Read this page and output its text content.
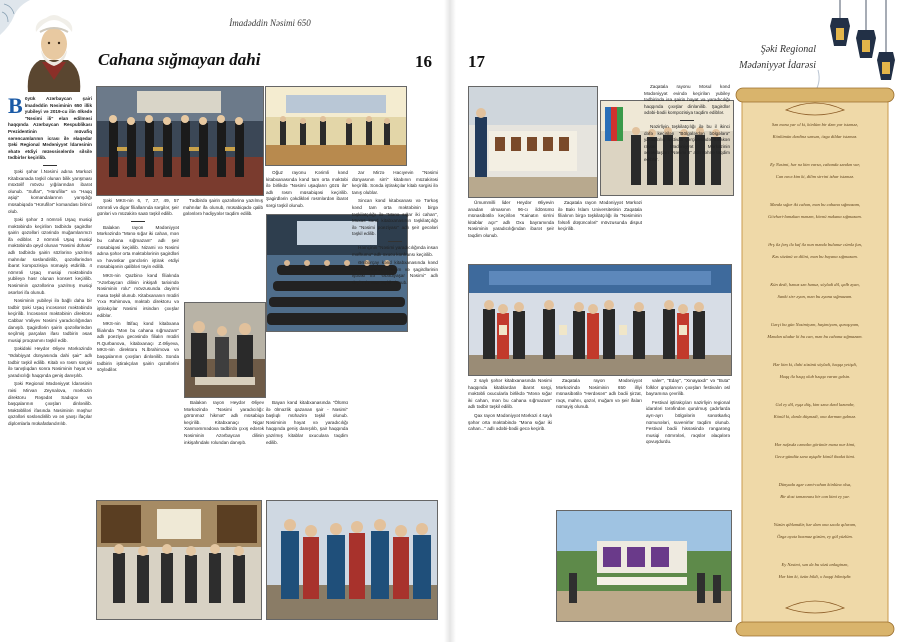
İmadəddin Nəsimi 650
Cahana sığmayan dahi	16
B öyük Azərbaycan şairi İmadəddin Nəsiminin 650 illik yubileyi və 2019-cu ilin ölkədə "Nəsimi ili" elan edilməsi haqqında Azərbaycan Respublikası Prezidentinin müvafiq sərəncamlarının icrası ilə əlaqədar Şəki Regional Mədəniyyət İdarəsinin əhatə etdiyi müəssisələrdə silsilə tədbirlər keçirilib.

Şəki şəhər İ.Nəsimi adına Mərkəzi Kitabxanada təşkil olunan bilik yarışması müxtəlif mövzu yığılarından ibarət olunub. "Suflar", "Hürufilər" və "Haqq aşiqi" komandalarının yarışdığı müsabiqədə "Hürufilər" komandası birinci olub.

Şəki şəhər 3 nömrəli Uşaq musiqi məktəbində keçirilən tədbirdə şagirdlər şairin qəzəlləri üzərində muğamlarımızı ifa ediblər. 2 nömrəli Uşaq musiqi məktəbində qeyd olunan "Nəsimi dühası" adlı tədbirdə şairin sözlərinə yazılmış mahnılar səsləndirilib, qəzəllərindən ibarət kompozisiya nümayiş etdirilib. 4 nömrəli Uşaq musiqi məktəbində yubileyə həsr olunan konsert keçirilib. Nəsiminin qəzəllərinə yazılmış musiqi əsərləri ifa olunub.

Nəsiminin yubileyi ilə bağlı daha bir tədbir Şəki Uşaq incəsənət məktəbində keçirilib. İncəsənət məktəbinin direktoru Cabbar Vəliyev Nəsimi yaradıcılığından danışıb. Şagirdlərin şairin qəzəllərindən seçilmiş parçaları ifası tədbirin əsas musiqi proqramını təşkil edib.

Şəkidəki Heydər Əliyev Mərkəzində "Ədəbiyyat dünyasında dahi şair" adlı tədbir təşkil edilib. Kitab və rəsm sərgisi ilə tanışlıqdan sonra Nəsiminin həyat və yaradıcılığı haqqında geniş danışılıb.

Şəki Regional Mədəniyyət İdarəsinin rəisi Mirvarı Zeynalova, mərkəzin direktoru Rəşədət Sadıqov və başqalarının çıxışları dinlənilib. Məktəbliləri ifasında Nəsiminin məşhur qəzəlləri səsləndirilib və ən yaxşı ifaçılar diplomlarla mükafatlandırılıb.

Şəki MKS-nin 6, 7, 27, 49, 57 nömrəli və digər filiallarında sərgilər, şeir günləri və müzakirə saatı təşkil edilib.

Balakən rayon Mədəniyyət Mərkəzində "Mənə sığar iki cahan, mən bu cahana sığmazam" adlı şeir müsabiqəsi keçirilib. Nizami və Nəsimi adına şəhər orta məktəblərinin şagirdləri və həvəskar gənclərin iştirak etdiyi müsabiqənin qalibləri təyin edilib.

MKS-nin Qazbinə kənd filialında "Azərbaycan dilinin inkişafı tarixində Nəsiminin rolu" mövzusunda dəyirmi masa təşkil olunub. Kitabxananın müdiri Yıxə Rəhimova, məktəb direktoru və iştirakçılar Nəsimi irsindən çıxışlar ediblər.

MKS-nin İttifaq kənd kitabxana filialında "Mən bu cahana sığmazam" adlı poeziya gecəsində filialın müdiri R.Qurbanova, kitabxanaçı Z.Əliyeva, MKS-nin direktoru N.İbrahimova və başqalarının çıxışları dinlənilib. Sonda tədbirin iştirakçıları şairin qəzəllərini söylədilər.

Tədbirdə şairin qəzəllərinə yazılmış mahnılar ifa olunub, müsabiqədə qalib gələnlərə hədiyyələr təqdim edilib.

Oğuz rayonu Kərimli kənd kitabxanasında kənd tam orta məktəbi ilə birlikdə "Nəsimi uşaqların gözü ilə" adlı rəsm müsabiqəsi keçirilib. Şagirdlərin çəkdikləri rəsmlərdən ibarət sərgi təşkil olunub.

Balakən rayon Heydər Əliyev Mərkəzində "Nəsimi yaradıcılığı: görünməz hikmət" adlı müsabiqə keçirilib. Kitabxanaçı Nigar Xanməmmədova tədbirdə çıxış edərək Nəsiminin Azərbaycan dilinin inkişafındakı rolundan danışıb.

Bayan kənd kitabxanasında "Ölümü ilə ölməzlik qazanan şair - Nəsimi" başlıqlı mühazirə təşkil olunub. Nəsiminin həyat və yaradıcılığı haqqında geniş danışılıb, şair haqqında yazılmış kitablar oxuculara təqdim edilib.

zar Mirzə Hacıyevin "Nəsimi dünyasının sirri" kitabının müzakirəsi keçirilib. Sonda iştirakçılar kitab sərgisi ilə tanış olublar.

Sincan kənd kitabxanası və Tərkəş kənd tam orta məktəbinin birgə təşkilatçılığı ilə "Mənə sığar iki cahan", Muxas kənd kitabxanasının təşkilatçılığı ilə "Nəsimi poeziyası" adlı şeir gecələri təşkil edilib.

Həmçinin "Nəsimi yaradıcılığında insan məfhumu" adlı oxucu konfransı keçirilib.

Əmbərçay kənd kitabxanasında kənd orta məktəbin müəllim və şagirdlərinin iştirakı ilə "Əbədiyaşar Nəsimi" adlı dəyirmi masa təşkil olunub.

17
Şəki Regional
Mədəniyyət İdarəsi

Ümummilli lider Heydər Əliyevin anadan olmasının 96-cı ildönümü münasibətilə keçirilən "Kainatın sirrini kitablar açır" adlı Oxu bayramında Nəsiminin yaradıcılığından ibarət şeir təqdim olunub.

Zaqatala rayonu Mosul kənd Mədəniyyət evində keçirilən yubiley tədbirində isə şairin həyat və yaradıcılığı haqqında çıxışlar dinlənilib. Şagirdlər ədəbi-bədii kompozisiya təqdim ediblər.

Nəzirliyin təşkilatçılığı ilə bu il ikinci dəfə keçirilən "Bölgələrdən bölgələrə" yaradıcılıq festivalı çərçivəsində Balakən rayon Mədəniyyət Mərkəzinin əməkdaşları "Nəsimi II" adlı səhnə təqdim ediblər.

Zaqatala rayon Mədəniyyət Mərkəzi ilə Bakı İslam Universitetinin Zaqatala filialının birgə təşkilatçılığı ilə "Nəsiminin fəlsəfi düşüncələri" mövzusunda disput keçirilib.

2 saylı şəhər kitabxanasında Nəsimi haqqında kitablardan ibarət sərgi, məktəbli oxucularla birlikdə "Mənə sığar iki cahan, mən bu cahana sığmazam" adlı tədbir təşkil edilib.

Qax rayon Mədəniyyət Mərkəzi 4 saylı şəhər orta məktəbində "Mənə sığar iki cahan..." adlı ədəbi-bədii gecə keçirib.

Zaqatala rayon Mədəniyyət Mərkəzində Nəsiminin 650 illiyi münasibətilə "Herdəsən" adlı bədii şirzat, rəqs, mahnı, qəzəl, muğam və şeir ifaları nümayiş olunub.

valer", "Eday", "Xınayaxdı" və "Buta" folklor qruplarının çıxışları festivalın əsl bayramına çevrilib.

Festival iştirakçıları nazirliyin regional idarələri tərəfindən qurulmuş çadırlarda ayrı-ayrı bölgələrin sənətkarlıq nümunələri, suvenirlər təqdim olunub. Festival bədii hissəsində rəngarəng musiqi nömrələri, rəqslər əlaqələrə qovuşdurdu.

Sən mənə yar ol ki, könlüm bir dəm yar istəməz,
Könlümün dərdinə sənsən, özgə dildar istəməz.
Ey Nəsimi, hər nə kim varsa, cahanda səndən var,
Can necə kim ki, dilim sirrini izhar istəməz.
Məndə sığar iki cahan, mən bu cahana sığmazam,
Gövhəri-laməkan mənəm, kövnü məkana sığmazam.
Ərş ilə fərş ilə kaf ilə nun məndə bulunur cümlə fun,
Kəs sözünü və dilini, mən bu bəyana sığmazam.
Kün dedi, hənuz sən hənuz, söylədi dil, qəlb əyan,
Sanki sirr əyan, mən bu əyana sığmazam.
Gərçi bu gün Nəsimiyəm, haşimiyəm, quraşıyam,
Məndən uludur ki bu can, mən bu cahana sığmazam.
Hər kim ki, ilahi sözünü söylədi, həqqə yetişdi,
Həqq ilə həqq olub həqqə varan gəlsin.
Gəl ey dil, eşqə düş, kim sənə dərd lazımdır,
Könül ki, dərdə düşmədi, ona dərman gəlməz.
Hər nəfəsdə cəmalın görünür mənə nur kimi,
Gecə-gündüz sənə aşiqdir könül ibadət kimi.
Dünyada əgər cəmi-cahan könlünə olsa,
Bir dost təmənnası bir can kimi ey yar.
Yüzün qibləmdür, hər dəm ona səcdə qıluram,
Özgə ayətə baxmaz gözüm, ey gül yüzlüm.
Ey Nəsimi, sən də bu sözü anlaginən,
Hər kim ki, özün bildi, o həqqi bilmişdir.
